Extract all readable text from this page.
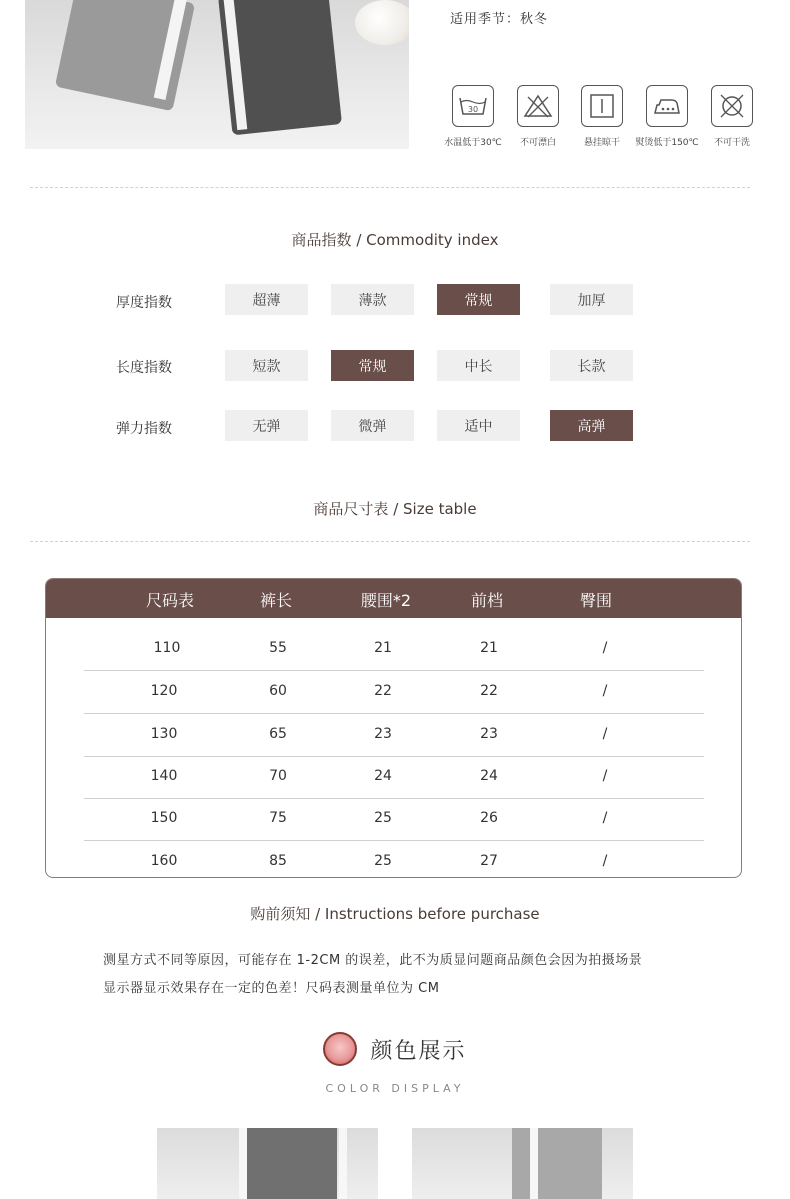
适用季节：秋冬
30
水温低于30℃	不可漂白	悬挂晾干	熨烫低于150℃	不可干洗
商品指数 / Commodity index
厚度指数	超薄	薄款	常规	加厚
长度指数	短款	常规	中长	长款
弹力指数	无弹	微弹	适中	高弹
商品尺寸表 / Size table
尺码表	裤长	腰围*2	前档	臀围
110	55	21	21	/
120	60	22	22	/
130	65	23	23	/
140	70	24	24	/
150	75	25	26	/
160	85	25	27	/
购前须知 / Instructions before purchase
测星方式不同等原因，可能存在 1-2CM 的误差，此不为质显问题商品颜色会因为拍摄场景
显示器显示效果存在一定的色差！尺码表测量单位为 CM
颜色展示
COLOR DISPLAY
